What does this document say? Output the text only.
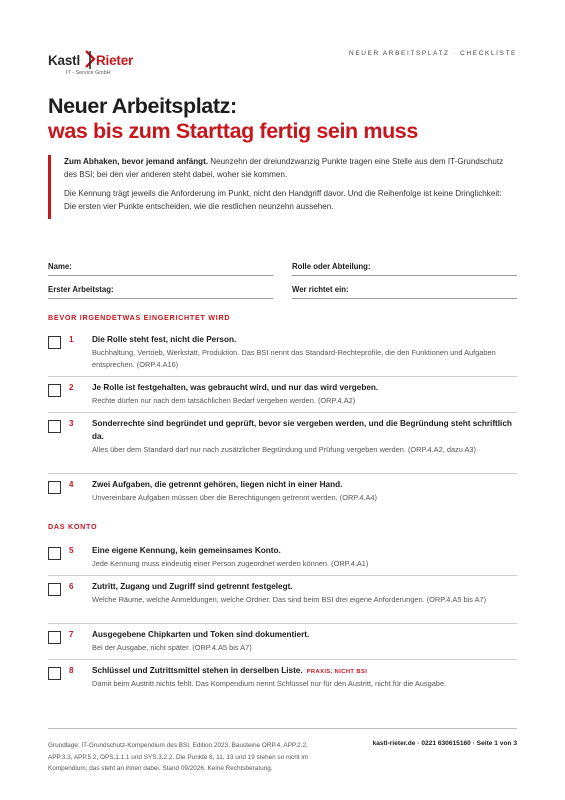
Kastl Rieter
IT - Service GmbH
NEUER ARBEITSPLATZ · CHECKLISTE
Neuer Arbeitsplatz:
was bis zum Starttag fertig sein muss

Zum Abhaken, bevor jemand anfängt. Neunzehn der dreiundzwanzig Punkte tragen eine Stelle aus dem IT-Grundschutz des BSI; bei den vier anderen steht dabei, woher sie kommen.

Die Kennung trägt jeweils die Anforderung im Punkt, nicht den Handgriff davor. Und die Reihenfolge ist keine Dringlichkeit: Die ersten vier Punkte entscheiden, wie die restlichen neunzehn aussehen.

Name:	Rolle oder Abteilung:
Erster Arbeitstag:	Wer richtet ein:
BEVOR IRGENDETWAS EINGERICHTET WIRD
1 Die Rolle steht fest, nicht die Person.

Buchhaltung, Vertrieb, Werkstatt, Produktion. Das BSI nennt das Standard-Rechteprofile, die den Funktionen und Aufgaben entsprechen. (ORP.4.A16)

2 Je Rolle ist festgehalten, was gebraucht wird, und nur das wird vergeben.

Rechte dürfen nur nach dem tatsächlichen Bedarf vergeben werden. (ORP.4.A2)

3 Sonderrechte sind begründet und geprüft, bevor sie vergeben werden, und die Begründung steht schriftlich da.

Alles über dem Standard darf nur nach zusätzlicher Begründung und Prüfung vergeben werden. (ORP.4.A2, dazu A3)

4 Zwei Aufgaben, die getrennt gehören, liegen nicht in einer Hand.

Unvereinbare Aufgaben müssen über die Berechtigungen getrennt werden. (ORP.4.A4)

DAS KONTO
5 Eine eigene Kennung, kein gemeinsames Konto.

Jede Kennung muss eindeutig einer Person zugeordnet werden können. (ORP.4.A1)

6 Zutritt, Zugang und Zugriff sind getrennt festgelegt.

Welche Räume, welche Anmeldungen, welche Ordner. Das sind beim BSI drei eigene Anforderungen. (ORP.4.A5 bis A7)

7 Ausgegebene Chipkarten und Token sind dokumentiert.

Bei der Ausgabe, nicht später. (ORP.4.A5 bis A7)

8 Schlüssel und Zutrittsmittel stehen in derselben Liste. PRAXIS, NICHT BSI

Damit beim Austritt nichts fehlt. Das Kompendium nennt Schlüssel nur für den Austritt, nicht für die Ausgabe.

Grundlage: IT-Grundschutz-Kompendium des BSI, Edition 2023. Bausteine ORP.4, APP.2.2, APP.3.3, APP.5.2, OPS.1.1.1 und SYS.3.2.2. Die Punkte 8, 11, 13 und 19 stehen so nicht im Kompendium; das steht an ihnen dabei. Stand 09/2026. Keine Rechtsberatung.

kastl-rieter.de · 0221 630615160 · Seite 1 von 3
